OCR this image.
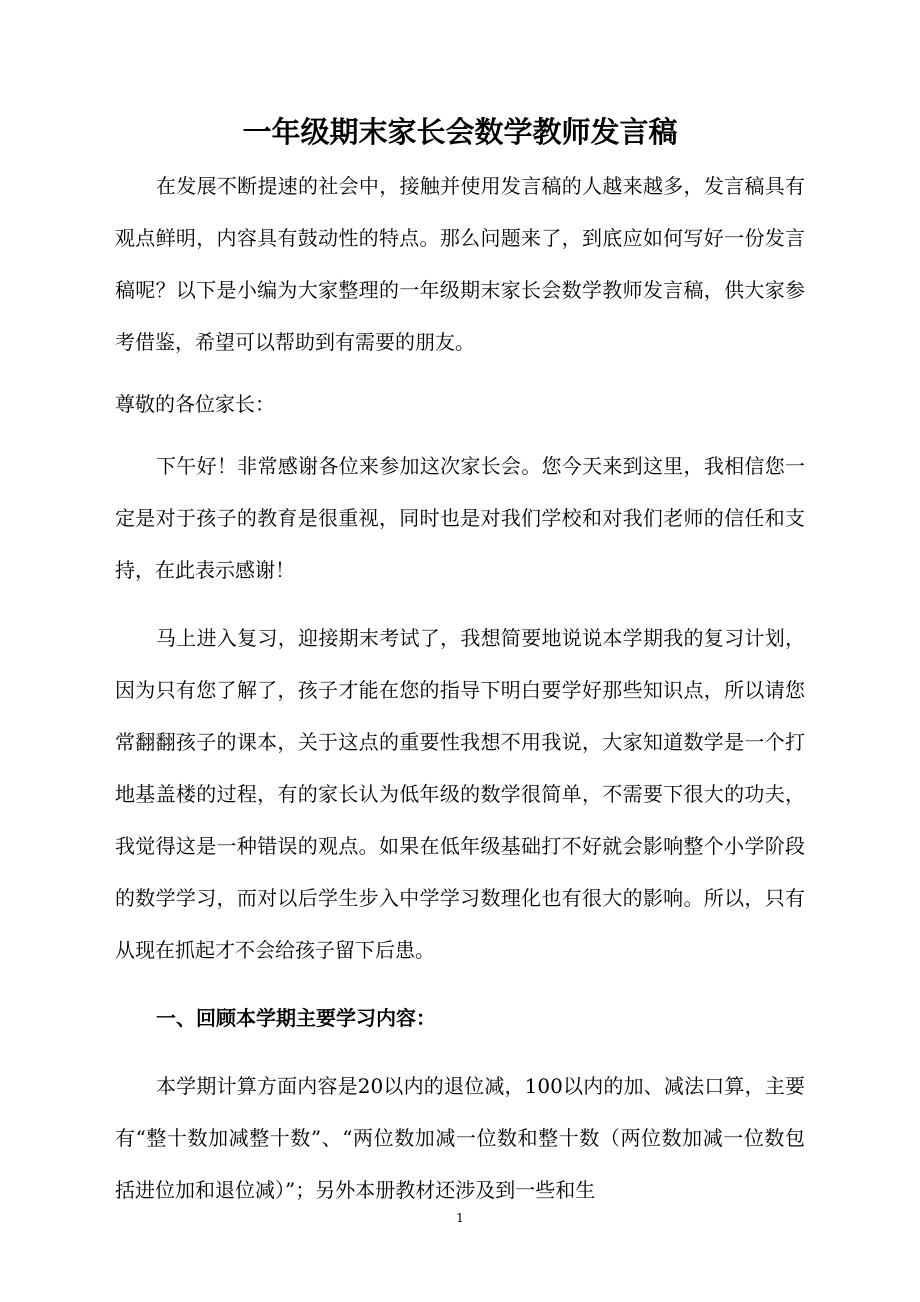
一年级期末家长会数学教师发言稿

在发展不断提速的社会中，接触并使用发言稿的人越来越多，发言稿具有观点鲜明，内容具有鼓动性的特点。那么问题来了，到底应如何写好一份发言稿呢？以下是小编为大家整理的一年级期末家长会数学教师发言稿，供大家参考借鉴，希望可以帮助到有需要的朋友。

尊敬的各位家长：

下午好！非常感谢各位来参加这次家长会。您今天来到这里，我相信您一定是对于孩子的教育是很重视，同时也是对我们学校和对我们老师的信任和支持，在此表示感谢！

马上进入复习，迎接期末考试了，我想简要地说说本学期我的复习计划，因为只有您了解了，孩子才能在您的指导下明白要学好那些知识点，所以请您常翻翻孩子的课本，关于这点的重要性我想不用我说，大家知道数学是一个打地基盖楼的过程，有的家长认为低年级的数学很简单，不需要下很大的功夫，我觉得这是一种错误的观点。如果在低年级基础打不好就会影响整个小学阶段的数学学习，而对以后学生步入中学学习数理化也有很大的影响。所以，只有从现在抓起才不会给孩子留下后患。

一、回顾本学期主要学习内容：

本学期计算方面内容是20以内的退位减，100以内的加、减法口算，主要有“整十数加减整十数”、“两位数加减一位数和整十数（两位数加减一位数包括进位加和退位减）”；另外本册教材还涉及到一些和生

1
